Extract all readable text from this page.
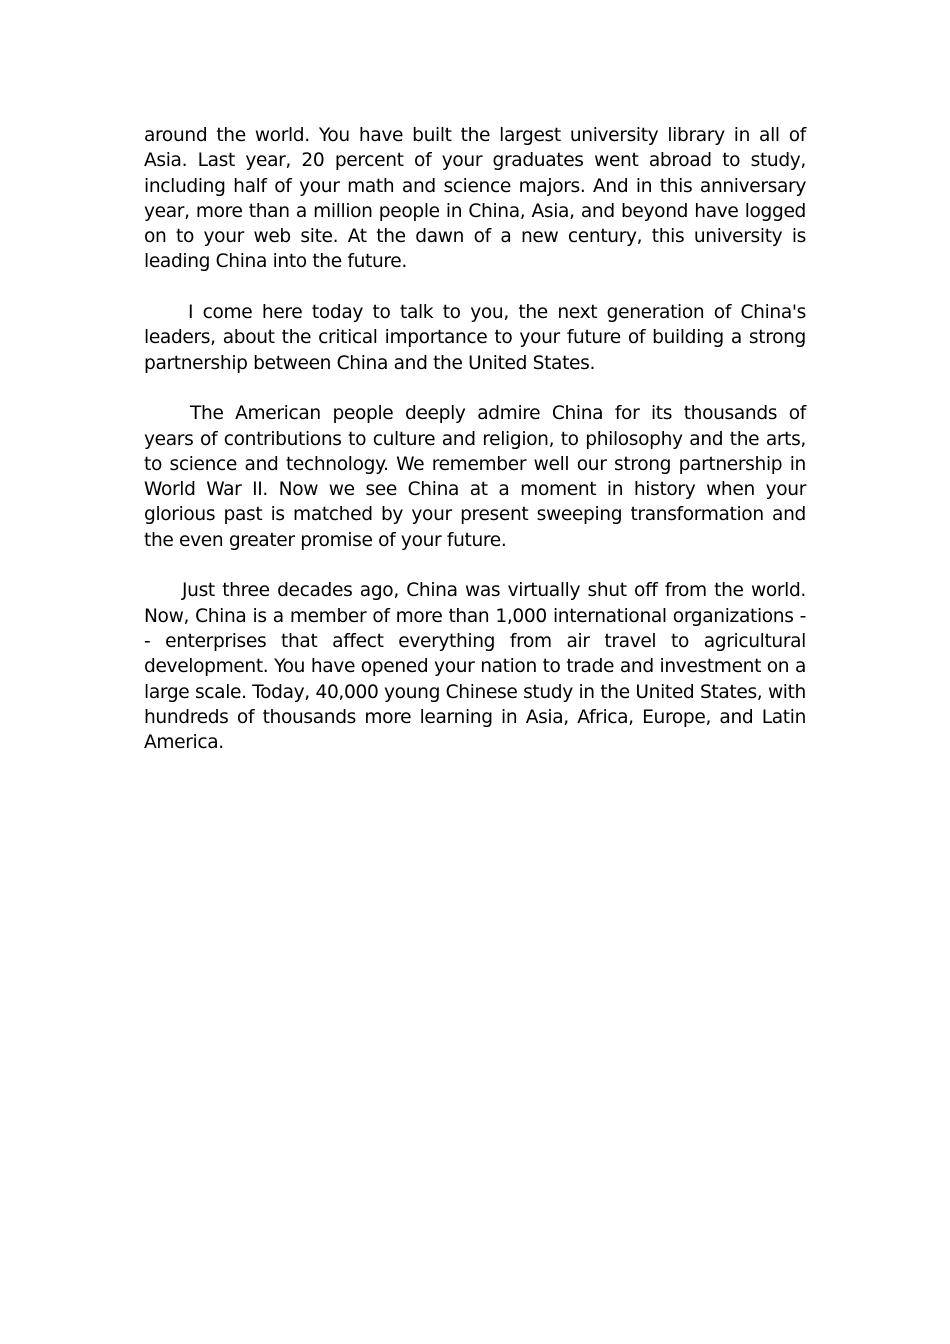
around the world. You have built the largest university library in all of Asia. Last year, 20 percent of your graduates went abroad to study, including half of your math and science majors. And in this anniversary year, more than a million people in China, Asia, and beyond have logged on to your web site. At the dawn of a new century, this university is leading China into the future.

I come here today to talk to you, the next generation of China's leaders, about the critical importance to your future of building a strong partnership between China and the United States.

The American people deeply admire China for its thousands of years of contributions to culture and religion, to philosophy and the arts, to science and technology. We remember well our strong partnership in World War II. Now we see China at a moment in history when your glorious past is matched by your present sweeping transformation and the even greater promise of your future.

Just three decades ago, China was virtually shut off from the world. Now, China is a member of more than 1,000 international organizations -- enterprises that affect everything from air travel to agricultural development. You have opened your nation to trade and investment on a large scale. Today, 40,000 young Chinese study in the United States, with hundreds of thousands more learning in Asia, Africa, Europe, and Latin America.
